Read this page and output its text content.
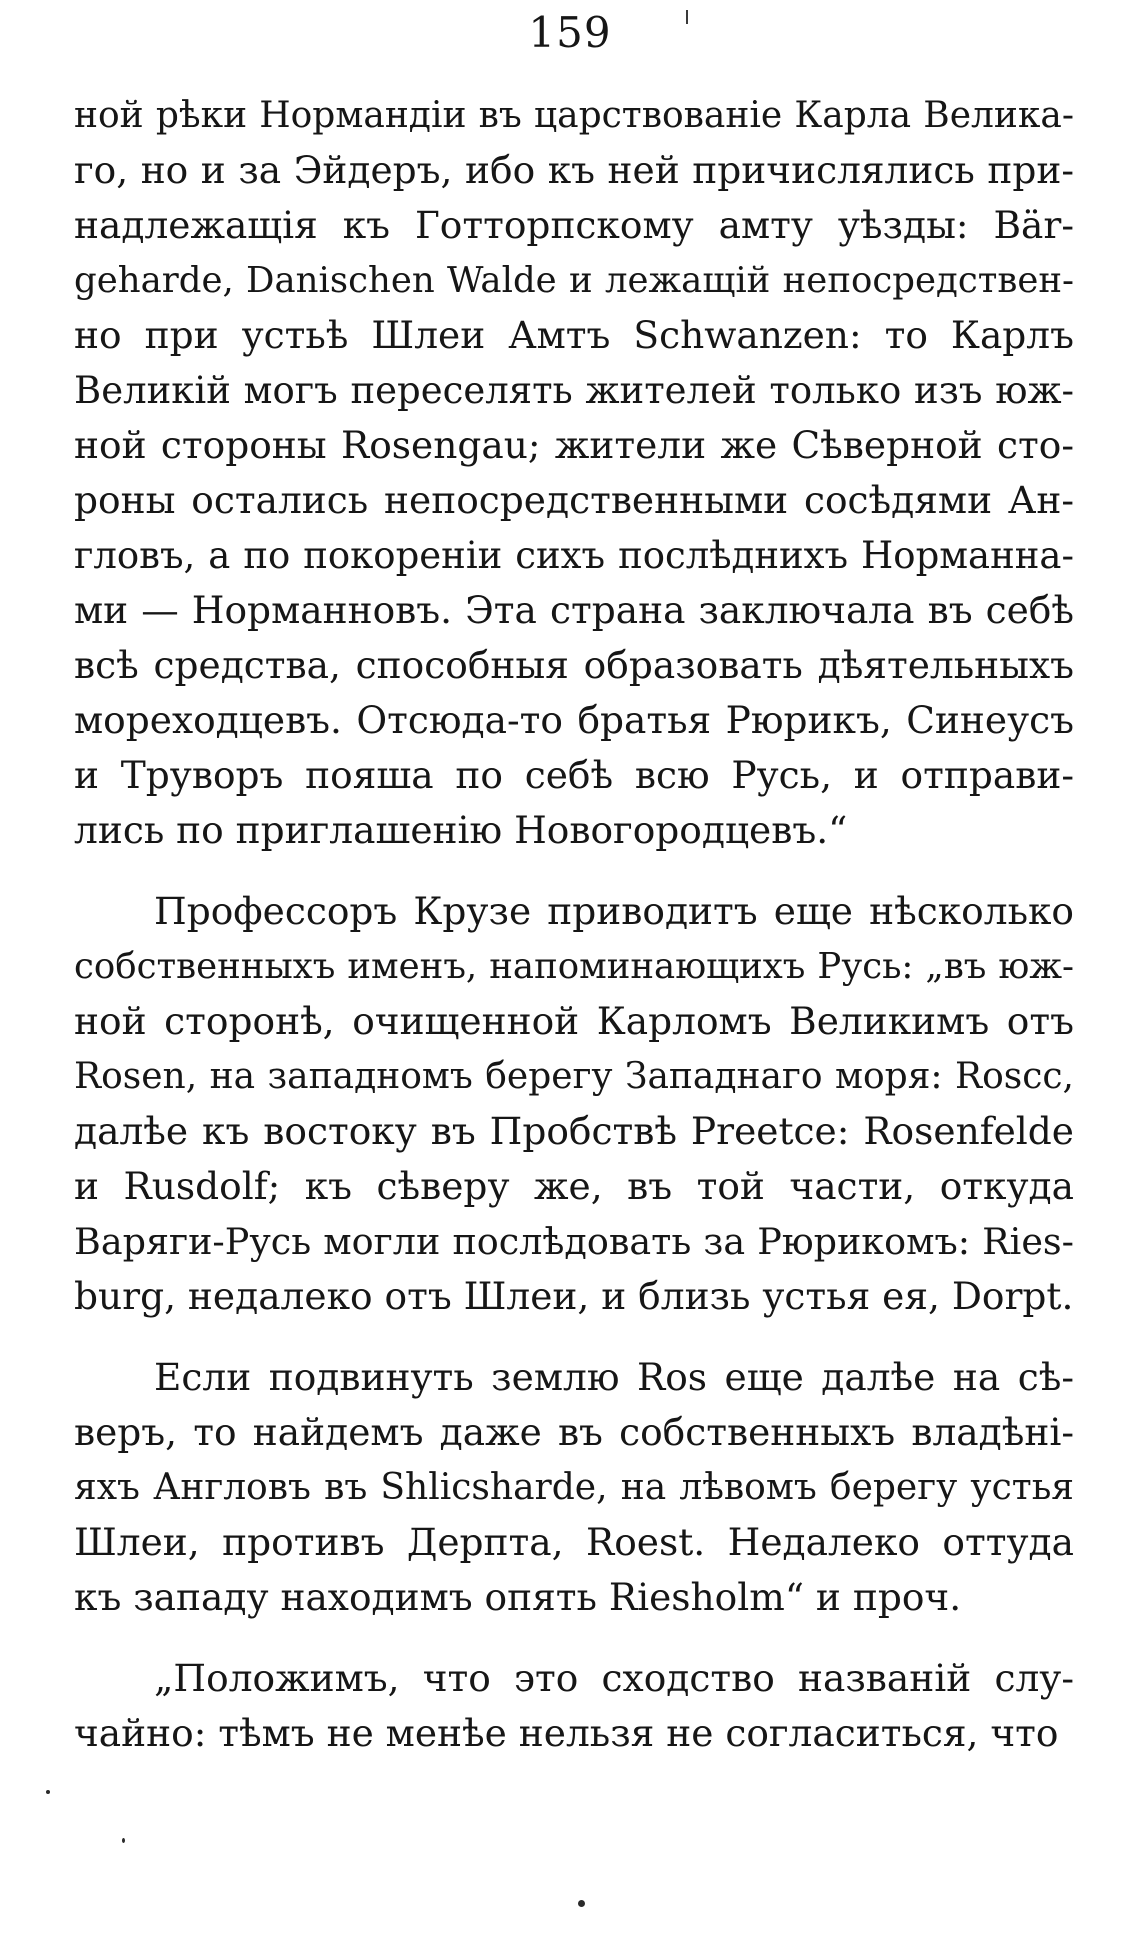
159
ной рѣки Нормандіи въ царствованіе Карла Велика-
го, но и за Эйдеръ, ибо къ ней причислялись при-
надлежащія къ Готторпскому амту уѣзды: Bär-
geharde, Danischen Walde и лежащій непосредствен-
но при устьѣ Шлеи Амтъ Schwanzen: то Карлъ
Великій могъ переселять жителей только изъ юж-
ной стороны Rosengau; жители же Сѣверной сто-
роны остались непосредственными сосѣдями Ан-
гловъ, а по покореніи сихъ послѣднихъ Норманна-
ми — Норманновъ. Эта страна заключала въ себѣ
всѣ средства, способныя образовать дѣятельныхъ
мореходцевъ. Отсюда-то братья Рюрикъ, Синеусъ
и Труворъ пояша по себѣ всю Русь, и отправи-
лись по приглашенію Новогородцевъ.“
Профессоръ Крузе приводитъ еще нѣсколько
собственныхъ именъ, напоминающихъ Русь: „въ юж-
ной сторонѣ, очищенной Карломъ Великимъ отъ
Rosen, на западномъ берегу Западнаго моря: Roscc,
далѣе къ востоку въ Пробствѣ Preetce: Rosenfelde
и Rusdolf; къ сѣверу же, въ той части, откуда
Варяги-Русь могли послѣдовать за Рюрикомъ: Ries-
burg, недалеко отъ Шлеи, и близь устья ея, Dorpt.
Если подвинуть землю Ros еще далѣе на сѣ-
веръ, то найдемъ даже въ собственныхъ владѣні-
яхъ Англовъ въ Shlicsharde, на лѣвомъ берегу устья
Шлеи, противъ Дерпта, Roest. Недалеко оттуда
къ западу находимъ опять Riesholm“ и проч.
„Положимъ, что это сходство названій слу-
чайно: тѣмъ не менѣе нельзя не согласиться, что
